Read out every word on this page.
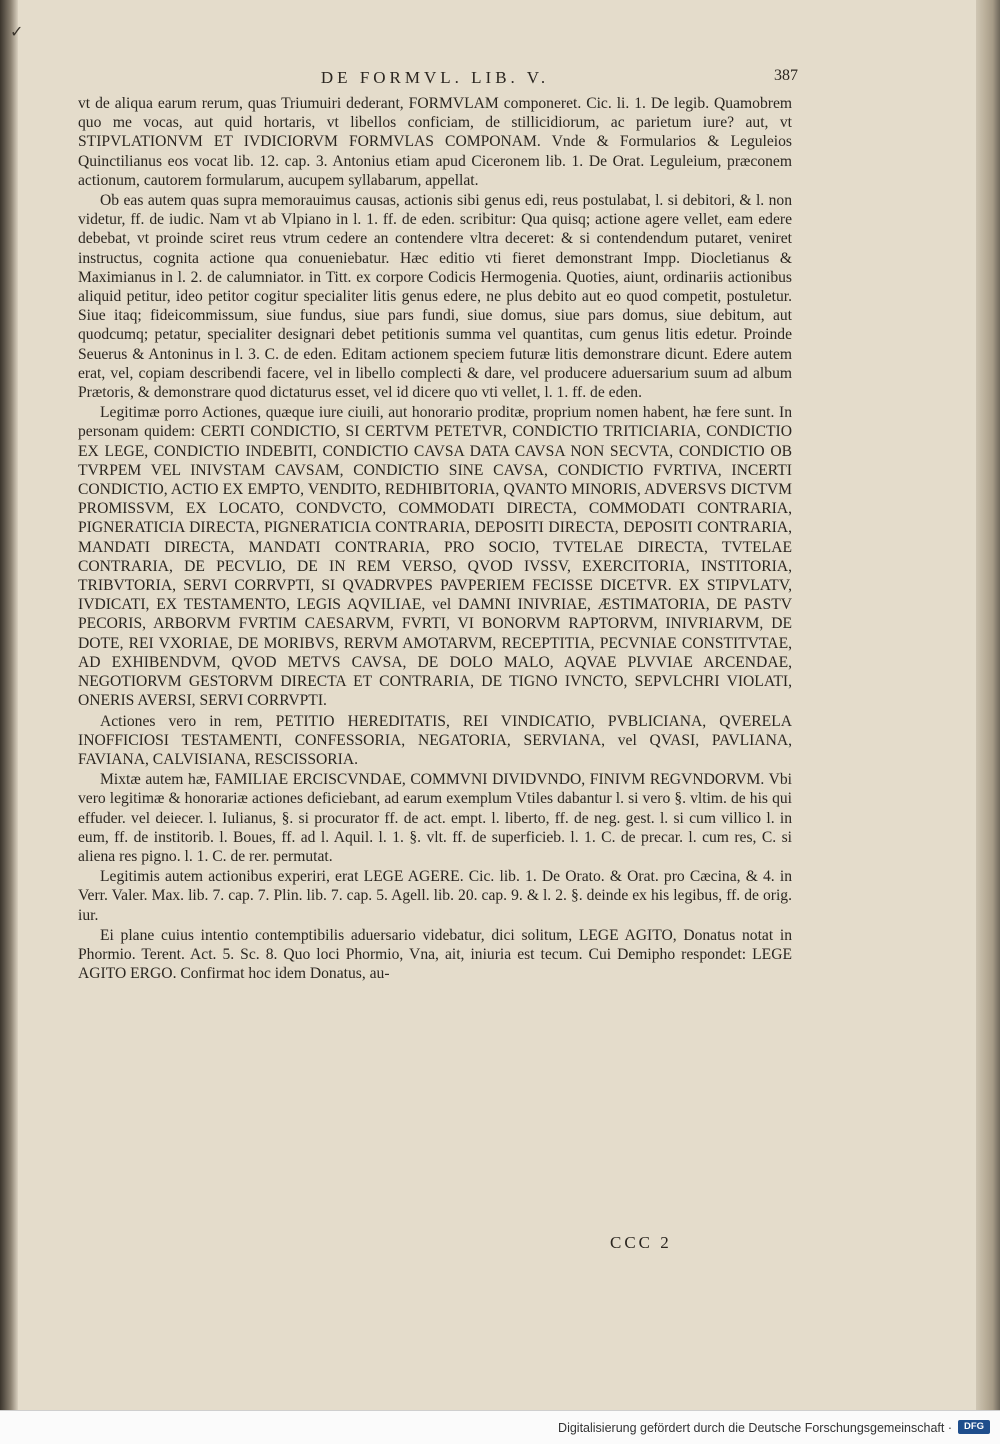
✓
DE FORMVL. LIB. V.	387

vt de aliqua earum rerum, quas Triumuiri dederant, FORMVLAM componeret. Cic. li. 1. De legib. Quamobrem quo me vocas, aut quid hortaris, vt libellos conficiam, de stillicidiorum, ac parietum iure? aut, vt STIPVLATIONVM ET IVDICIORVM FORMVLAS COMPONAM. Vnde & Formularios & Leguleios Quinctilianus eos vocat lib. 12. cap. 3. Antonius etiam apud Ciceronem lib. 1. De Orat. Leguleium, præconem actionum, cautorem formularum, aucupem syllabarum, appellat.

Ob eas autem quas supra memorauimus causas, actionis sibi genus edi, reus postulabat, l. si debitori, & l. non videtur, ff. de iudic. Nam vt ab Vlpiano in l. 1. ff. de eden. scribitur: Qua quisq; actione agere vellet, eam edere debebat, vt proinde sciret reus vtrum cedere an contendere vltra deceret: & si contendendum putaret, veniret instructus, cognita actione qua conueniebatur. Hæc editio vti fieret demonstrant Impp. Diocletianus & Maximianus in l. 2. de calumniator. in Titt. ex corpore Codicis Hermogenia. Quoties, aiunt, ordinariis actionibus aliquid petitur, ideo petitor cogitur specialiter litis genus edere, ne plus debito aut eo quod competit, postuletur. Siue itaq; fideicommissum, siue fundus, siue pars fundi, siue domus, siue pars domus, siue debitum, aut quodcumq; petatur, specialiter designari debet petitionis summa vel quantitas, cum genus litis edetur. Proinde Seuerus & Antoninus in l. 3. C. de eden. Editam actionem speciem futuræ litis demonstrare dicunt. Edere autem erat, vel, copiam describendi facere, vel in libello complecti & dare, vel producere aduersarium suum ad album Prætoris, & demonstrare quod dictaturus esset, vel id dicere quo vti vellet, l. 1. ff. de eden.

Legitimæ porro Actiones, quæque iure ciuili, aut honorario proditæ, proprium nomen habent, hæ fere sunt. In personam quidem: CERTI CONDICTIO, SI CERTVM PETETVR, CONDICTIO TRITICIARIA, CONDICTIO EX LEGE, CONDICTIO INDEBITI, CONDICTIO CAVSA DATA CAVSA NON SECVTA, CONDICTIO OB TVRPEM VEL INIVSTAM CAVSAM, CONDICTIO SINE CAVSA, CONDICTIO FVRTIVA, INCERTI CONDICTIO, ACTIO EX EMPTO, VENDITO, REDHIBITORIA, QVANTO MINORIS, ADVERSVS DICTVM PROMISSVM, EX LOCATO, CONDVCTO, COMMODATI DIRECTA, COMMODATI CONTRARIA, PIGNERATICIA DIRECTA, PIGNERATICIA CONTRARIA, DEPOSITI DIRECTA, DEPOSITI CONTRARIA, MANDATI DIRECTA, MANDATI CONTRARIA, PRO SOCIO, TVTELAE DIRECTA, TVTELAE CONTRARIA, DE PECVLIO, DE IN REM VERSO, QVOD IVSSV, EXERCITORIA, INSTITORIA, TRIBVTORIA, SERVI CORRVPTI, SI QVADRVPES PAVPERIEM FECISSE DICETVR. EX STIPVLATV, IVDICATI, EX TESTAMENTO, LEGIS AQVILIAE, vel DAMNI INIVRIAE, ÆSTIMATORIA, DE PASTV PECORIS, ARBORVM FVRTIM CAESARVM, FVRTI, VI BONORVM RAPTORVM, INIVRIARVM, DE DOTE, REI VXORIAE, DE MORIBVS, RERVM AMOTARVM, RECEPTITIA, PECVNIAE CONSTITVTAE, AD EXHIBENDVM, QVOD METVS CAVSA, DE DOLO MALO, AQVAE PLVVIAE ARCENDAE, NEGOTIORVM GESTORVM DIRECTA ET CONTRARIA, DE TIGNO IVNCTO, SEPVLCHRI VIOLATI, ONERIS AVERSI, SERVI CORRVPTI.

Actiones vero in rem, PETITIO HEREDITATIS, REI VINDICATIO, PVBLICIANA, QVERELA INOFFICIOSI TESTAMENTI, CONFESSORIA, NEGATORIA, SERVIANA, vel QVASI, PAVLIANA, FAVIANA, CALVISIANA, RESCISSORIA.

Mixtæ autem hæ, FAMILIAE ERCISCVNDAE, COMMVNI DIVIDVNDO, FINIVM REGVNDORVM. Vbi vero legitimæ & honorariæ actiones deficiebant, ad earum exemplum Vtiles dabantur l. si vero §. vltim. de his qui effuder. vel deiecer. l. Iulianus, §. si procurator ff. de act. empt. l. liberto, ff. de neg. gest. l. si cum villico l. in eum, ff. de institorib. l. Boues, ff. ad l. Aquil. l. 1. §. vlt. ff. de superficieb. l. 1. C. de precar. l. cum res, C. si aliena res pigno. l. 1. C. de rer. permutat.

Legitimis autem actionibus experiri, erat LEGE AGERE. Cic. lib. 1. De Orato. & Orat. pro Cæcina, & 4. in Verr. Valer. Max. lib. 7. cap. 7. Plin. lib. 7. cap. 5. Agell. lib. 20. cap. 9. & l. 2. §. deinde ex his legibus, ff. de orig. iur.

Ei plane cuius intentio contemptibilis aduersario videbatur, dici solitum, LEGE AGITO, Donatus notat in Phormio. Terent. Act. 5. Sc. 8. Quo loci Phormio, Vna, ait, iniuria est tecum. Cui Demipho respondet: LEGE AGITO ERGO. Confirmat hoc idem Donatus, au-

CCC 2
Digitalisierung gefördert durch die Deutsche Forschungsgemeinschaft ·	DFG
